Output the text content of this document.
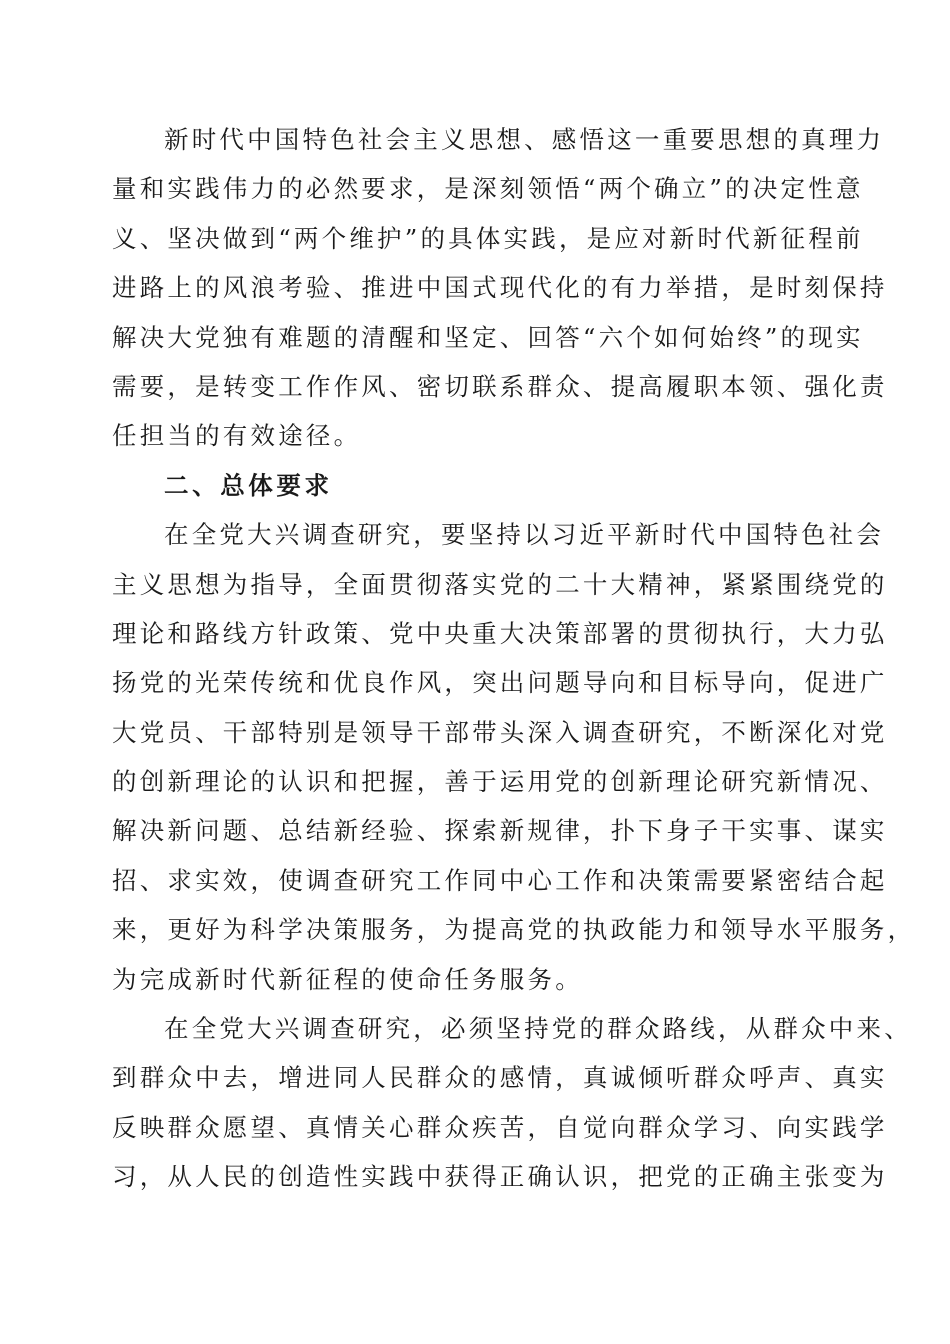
新时代中国特色社会主义思想、感悟这一重要思想的真理力
量和实践伟力的必然要求，是深刻领悟“两个确立”的决定性意
义、坚决做到“两个维护”的具体实践，是应对新时代新征程前
进路上的风浪考验、推进中国式现代化的有力举措，是时刻保持
解决大党独有难题的清醒和坚定、回答“六个如何始终”的现实
需要，是转变工作作风、密切联系群众、提高履职本领、强化责
任担当的有效途径。
二、总体要求
在全党大兴调查研究，要坚持以习近平新时代中国特色社会
主义思想为指导，全面贯彻落实党的二十大精神，紧紧围绕党的
理论和路线方针政策、党中央重大决策部署的贯彻执行，大力弘
扬党的光荣传统和优良作风，突出问题导向和目标导向，促进广
大党员、干部特别是领导干部带头深入调查研究，不断深化对党
的创新理论的认识和把握，善于运用党的创新理论研究新情况、
解决新问题、总结新经验、探索新规律，扑下身子干实事、谋实
招、求实效，使调查研究工作同中心工作和决策需要紧密结合起
来，更好为科学决策服务，为提高党的执政能力和领导水平服务，
为完成新时代新征程的使命任务服务。
在全党大兴调查研究，必须坚持党的群众路线，从群众中来、
到群众中去，增进同人民群众的感情，真诚倾听群众呼声、真实
反映群众愿望、真情关心群众疾苦，自觉向群众学习、向实践学
习，从人民的创造性实践中获得正确认识，把党的正确主张变为
